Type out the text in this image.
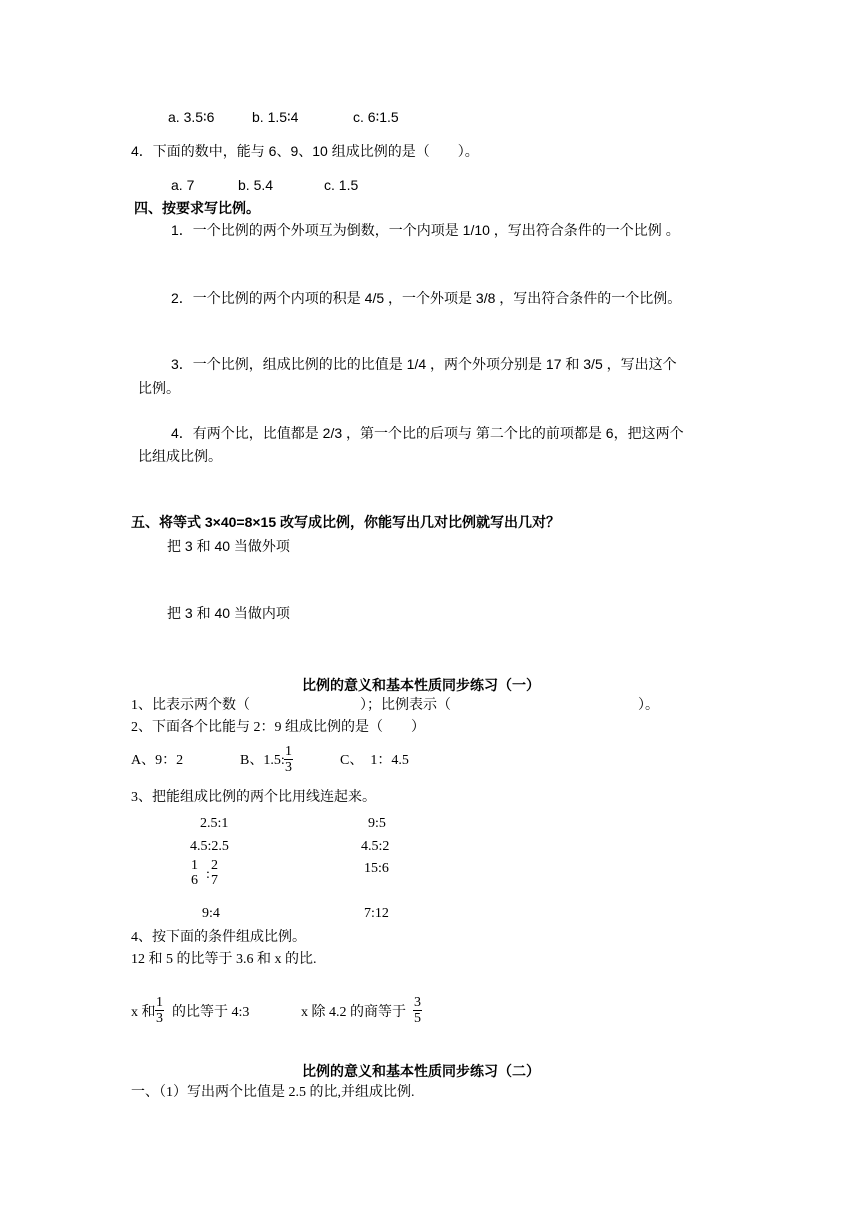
a. 3.5∶6	b. 1.5∶4	c. 6∶1.5
4．下面的数中，能与 6、9、10 组成比例的是（　　）。
a. 7	b. 5.4	c. 1.5
四、按要求写比例。
1．一个比例的两个外项互为倒数，一个内项是 1/10 ，写出符合条件的一个比例 。
2．一个比例的两个内项的积是 4/5 ，一个外项是 3/8 ，写出符合条件的一个比例。
3．一个比例，组成比例的比的比值是 1/4 ，两个外项分别是 17 和 3/5 ，写出这个
比例。
4．有两个比，比值都是 2/3 ，第一个比的后项与 第二个比的前项都是 6，把这两个
比组成比例。
五、将等式 3×40=8×15 改写成比例，你能写出几对比例就写出几对？
把 3 和 40 当做外项
把 3 和 40 当做内项
比例的意义和基本性质同步练习（一）
1、比表示两个数（	）；比例表示（	）。
2、下面各个比能与 2：9 组成比例的是（　　）
A、9：2	B、1.5: $\frac{1}{3}$	C、　1：4.5
3、把能组成比例的两个比用线连起来。
2.5:1
4.5:2.5
1
6 :
2
7
9:4
9:5
4.5:2
15:6
7:12
4、按下面的条件组成比例。
12 和 5 的比等于 3.6 和 x 的比.
x 和 $\frac{1}{3}$ 的比等于 4:3	x 除 4.2 的商等于 $\frac{3}{5}$
比例的意义和基本性质同步练习（二）
一、（1）写出两个比值是 2.5 的比,并组成比例.
